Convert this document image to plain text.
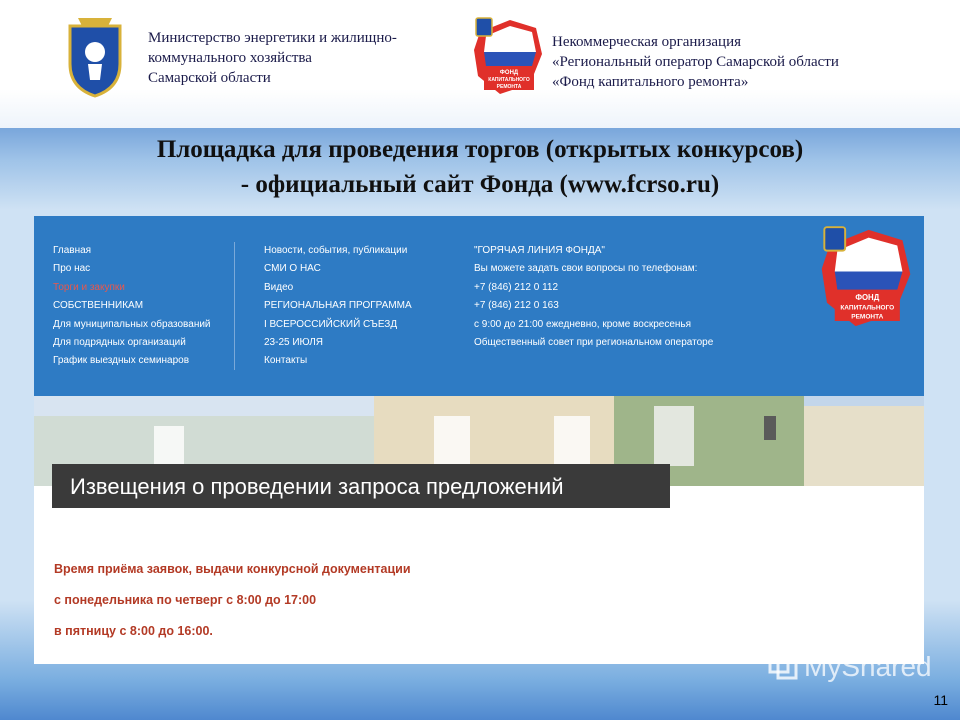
Министерство энергетики и жилищно-
коммунального хозяйства
Самарской области	ФОНД
КАПИТАЛЬНОГО
РЕМОНТА
Некоммерческая организация
«Региональный оператор Самарской области
«Фонд капитального ремонта»
Площадка для проведения торгов (открытых конкурсов)
- официальный сайт Фонда (www.fcrso.ru)
Главная
Про нас
Торги и закупки
СОБСТВЕННИКАМ
Для муниципальных образований
Для подрядных организаций
График выездных семинаров
Новости, события, публикации
СМИ О НАС
Видео
РЕГИОНАЛЬНАЯ ПРОГРАММА
I ВСЕРОССИЙСКИЙ СЪЕЗД
23-25 ИЮЛЯ
Контакты
"ГОРЯЧАЯ ЛИНИЯ ФОНДА"
Вы можете задать свои вопросы по телефонам:
+7 (846) 212 0 112
+7 (846) 212 0 163
с 9:00 до 21:00 ежедневно, кроме воскресенья
Общественный совет при региональном операторе
ФОНД
КАПИТАЛЬНОГО
РЕМОНТА
Извещения о проведении запроса предложений
Время приёма заявок, выдачи конкурсной документации
с понедельника по четверг с 8:00 до 17:00
в пятницу с 8:00 до 16:00.
MyShared
11
